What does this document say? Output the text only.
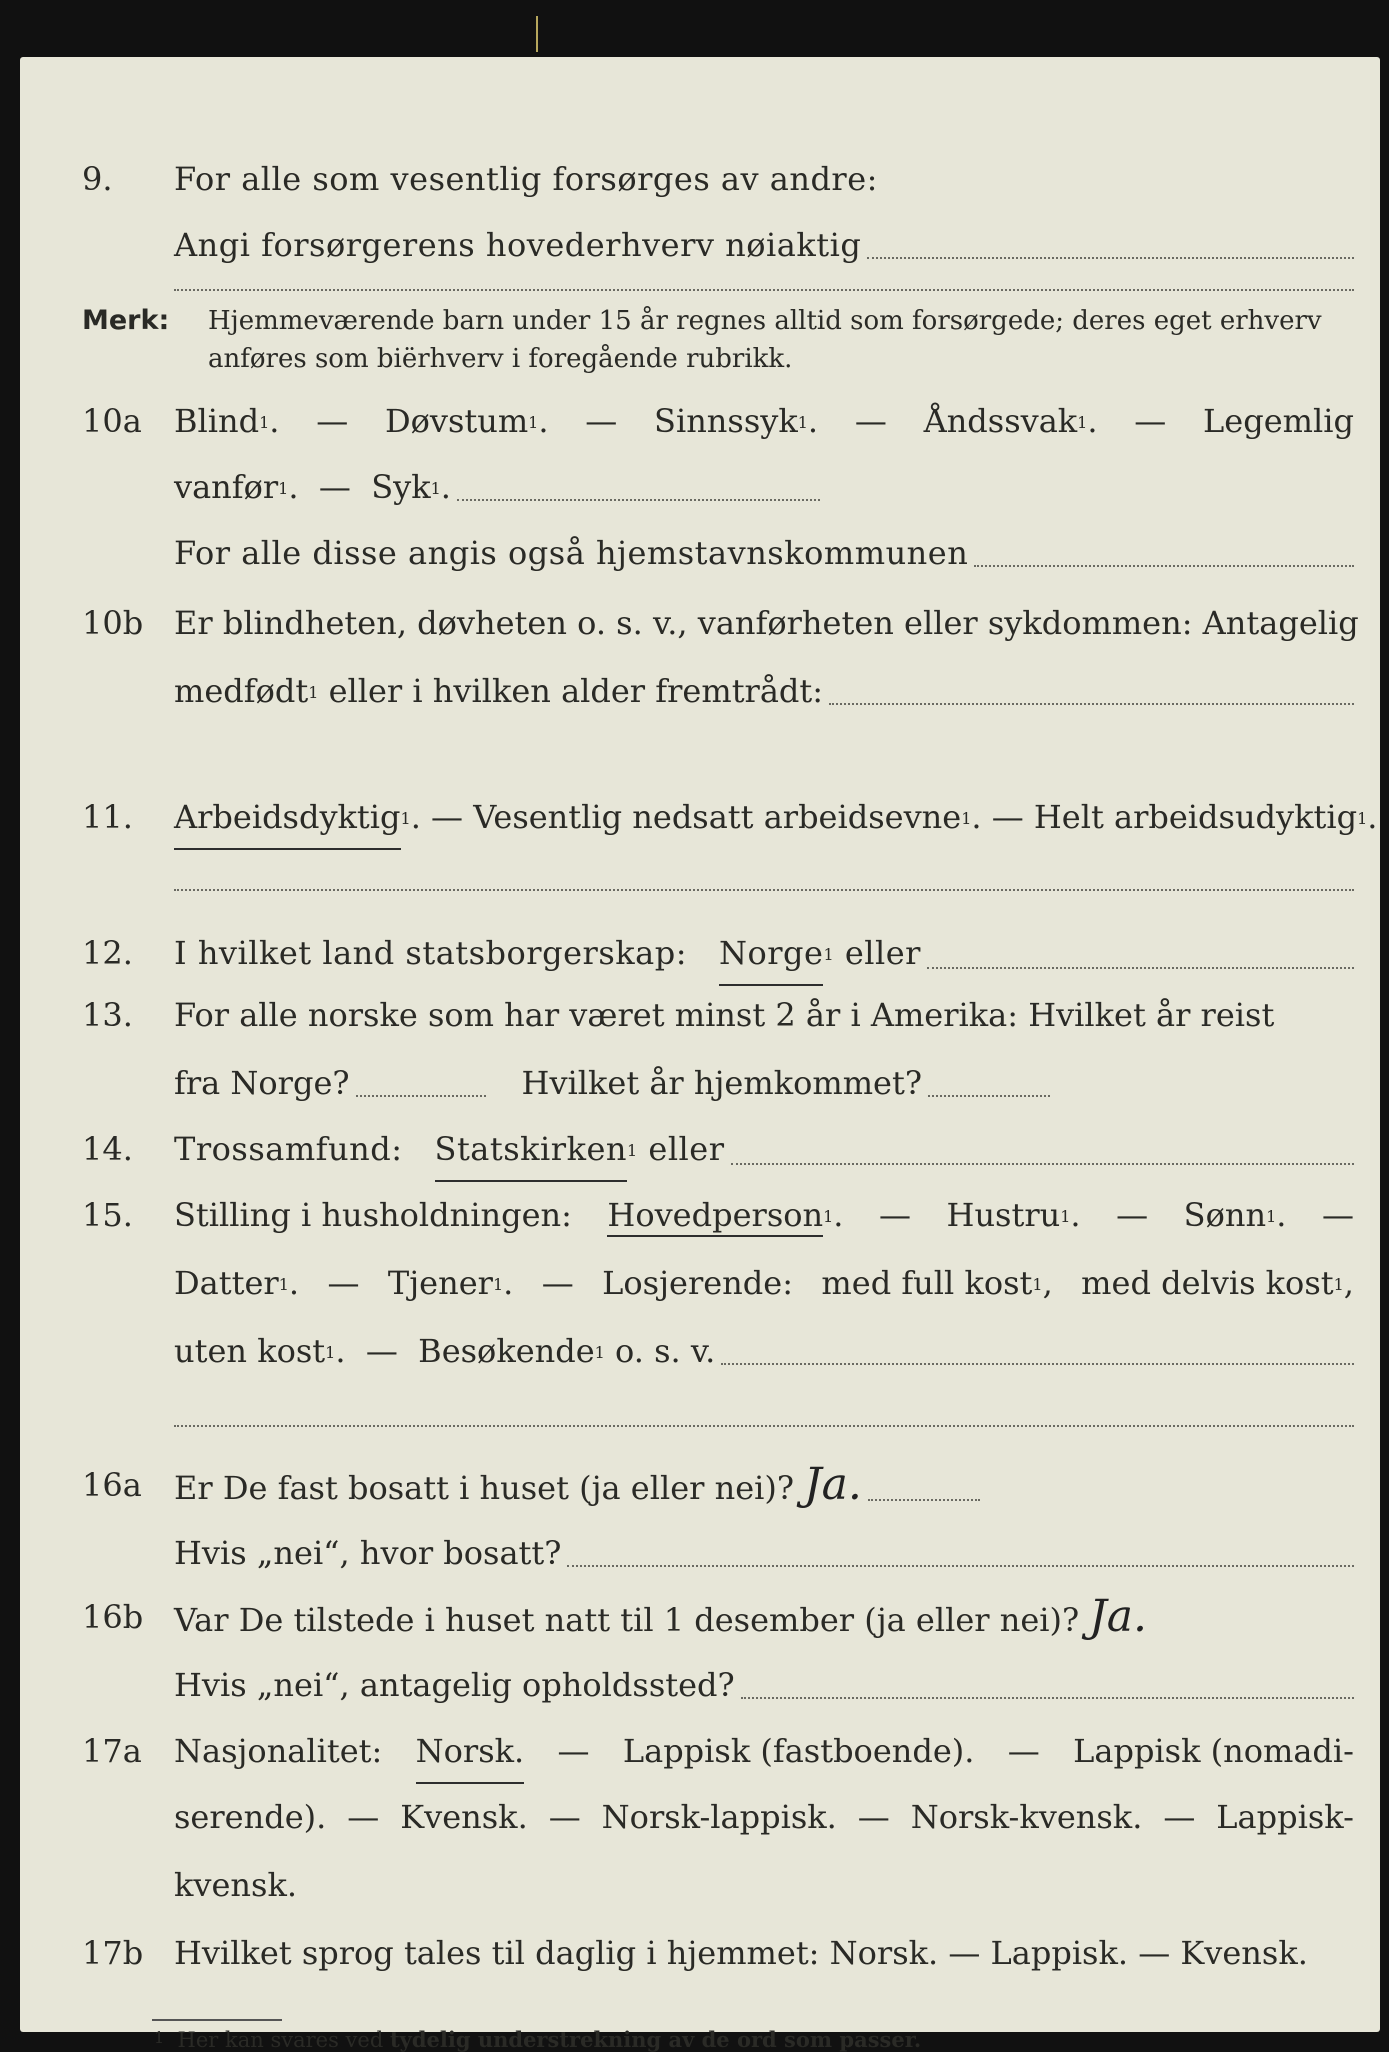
9. For alle som vesentlig forsørges av andre:
Angi forsørgerens hovederhverv nøiaktig
Merk: Hjemmeværende barn under 15 år regnes alltid som forsørgede; deres eget erhverv
anføres som biërhverv i foregående rubrikk.
10a Blind$^1$. — Døvstum$^1$. — Sinnssyk$^1$. — Åndssvak$^1$. — Legemlig
vanfør$^1$ . —
Syk$^1$ .
For alle disse angis også hjemstavnskommunen
10b Er blindheten, døvheten o. s. v., vanførheten eller sykdommen: Antagelig
medfødt$^1$
eller i hvilken alder fremtrådt:
11. Arbeidsdyktig$^1$ . —
Vesentlig nedsatt arbeidsevne$^1$ . —
Helt arbeidsudyktig$^1$ .
12. I hvilket land statsborgerskap:
Norge$^1$
eller
13. For alle norske som har været minst 2 år i Amerika: Hvilket år reist
fra Norge?	Hvilket år hjemkommet?
14. Trossamfund:
Statskirken$^1$
eller
15. Stilling i husholdningen: Hovedperson$^1$. — Hustru$^1$. — Sønn$^1$. —
Datter$^1$. — Tjener$^1$. — Losjerende: med full kost$^1$, med delvis kost$^1$,
uten kost$^1$ . —
Besøkende$^1$
o. s. v.
16a Er De fast bosatt i huset (ja eller nei)? Ja.
Hvis „nei“, hvor bosatt?
16b Var De tilstede i huset natt til 1 desember (ja eller nei)? Ja.
Hvis „nei“, antagelig opholdssted?
17a Nasjonalitet: Norsk. — Lappisk (fastboende). — Lappisk (nomadi-
serende). — Kvensk. — Norsk-lappisk. — Norsk-kvensk. — Lappisk-
kvensk.
17b Hvilket sprog tales til daglig i hjemmet:
Norsk.
—
Lappisk.
—
Kvensk.
$^1$ Her kan svares ved tydelig understrekning av de ord som passer.
